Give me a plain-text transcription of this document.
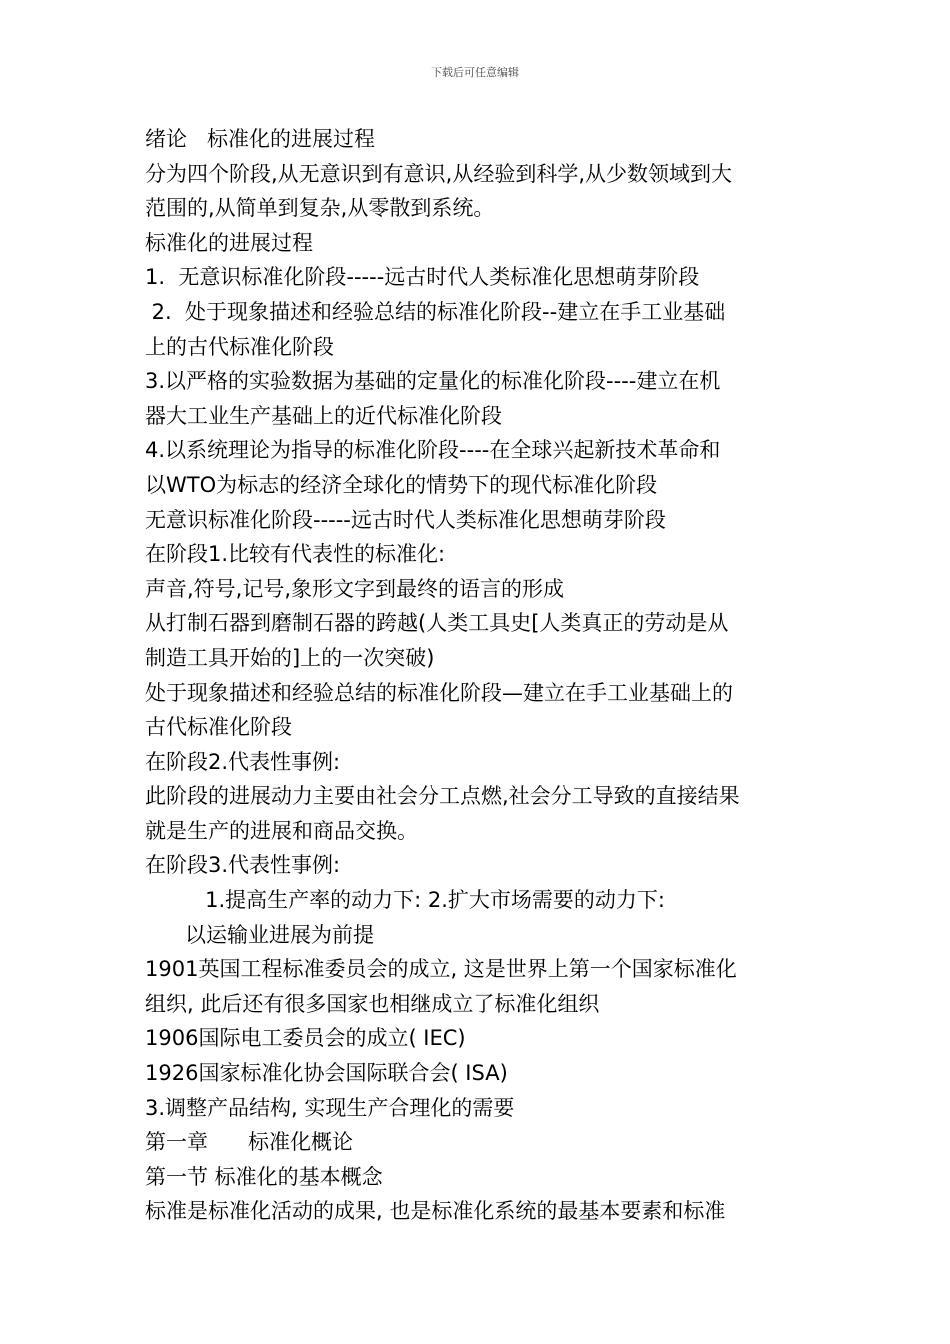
下载后可任意编辑
绪论   标准化的进展过程
分为四个阶段,从无意识到有意识,从经验到科学,从少数领域到大
范围的,从简单到复杂,从零散到系统。
标准化的进展过程
1.  无意识标准化阶段-----远古时代人类标准化思想萌芽阶段
2.  处于现象描述和经验总结的标准化阶段--建立在手工业基础
上的古代标准化阶段
3.以严格的实验数据为基础的定量化的标准化阶段----建立在机
器大工业生产基础上的近代标准化阶段
4.以系统理论为指导的标准化阶段----在全球兴起新技术革命和
以WTO为标志的经济全球化的情势下的现代标准化阶段
无意识标准化阶段-----远古时代人类标准化思想萌芽阶段
在阶段1.比较有代表性的标准化:
声音,符号,记号,象形文字到最终的语言的形成
从打制石器到磨制石器的跨越(人类工具史[人类真正的劳动是从
制造工具开始的]上的一次突破)
处于现象描述和经验总结的标准化阶段—建立在手工业基础上的
古代标准化阶段
在阶段2.代表性事例:
此阶段的进展动力主要由社会分工点燃,社会分工导致的直接结果
就是生产的进展和商品交换。
在阶段3.代表性事例:
1.提高生产率的动力下: 2.扩大市场需要的动力下:
以运输业进展为前提
1901英国工程标准委员会的成立, 这是世界上第一个国家标准化
组织, 此后还有很多国家也相继成立了标准化组织
1906国际电工委员会的成立( IEC)
1926国家标准化协会国际联合会( ISA)
3.调整产品结构, 实现生产合理化的需要
第一章      标准化概论
第一节 标准化的基本概念
标准是标准化活动的成果, 也是标准化系统的最基本要素和标准
